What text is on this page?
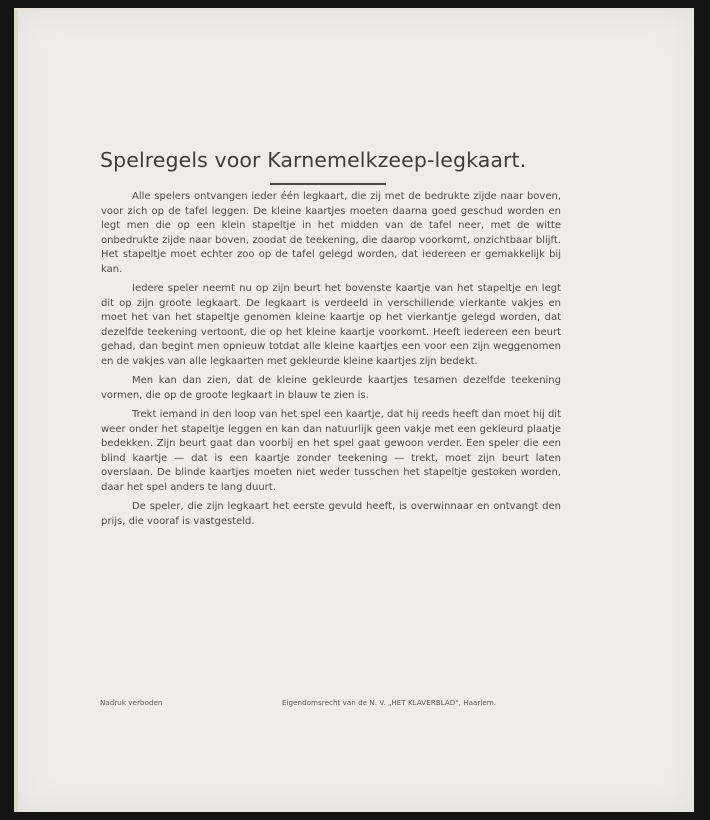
Spelregels voor Karnemelkzeep-legkaart.

Alle spelers ontvangen ieder één legkaart, die zij met de bedrukte zijde naar boven, voor zich op de tafel leggen. De kleine kaartjes moeten daarna goed geschud worden en legt men die op een klein stapeltje in het midden van de tafel neer, met de witte onbedrukte zijde naar boven, zoodat de teekening, die daarop voorkomt, onzichtbaar blijft. Het stapeltje moet echter zoo op de tafel gelegd worden, dat iedereen er gemakkelijk bij kan.

Iedere speler neemt nu op zijn beurt het bovenste kaartje van het stapeltje en legt dit op zijn groote legkaart. De legkaart is verdeeld in verschillende vierkante vakjes en moet het van het stapeltje genomen kleine kaartje op het vierkantje gelegd worden, dat dezelfde teekening vertoont, die op het kleine kaartje voorkomt. Heeft iedereen een beurt gehad, dan begint men opnieuw totdat alle kleine kaartjes een voor een zijn weggenomen en de vakjes van alle legkaarten met gekleurde kleine kaartjes zijn bedekt.

Men kan dan zien, dat de kleine gekleurde kaartjes tesamen dezelfde teekening vormen, die op de groote legkaart in blauw te zien is.

Trekt iemand in den loop van het spel een kaartje, dat hij reeds heeft dan moet hij dit weer onder het stapeltje leggen en kan dan natuurlijk geen vakje met een gekleurd plaatje bedekken. Zijn beurt gaat dan voorbij en het spel gaat gewoon verder. Een speler die een blind kaartje — dat is een kaartje zonder teekening — trekt, moet zijn beurt laten overslaan. De blinde kaartjes moeten niet weder tusschen het stapeltje gestoken worden, daar het spel anders te lang duurt.

De speler, die zijn legkaart het eerste gevuld heeft, is overwinnaar en ontvangt den prijs, die vooraf is vastgesteld.

Nadruk verboden	Eigendomsrecht van de N. V. „HET KLAVERBLAD", Haarlem.
